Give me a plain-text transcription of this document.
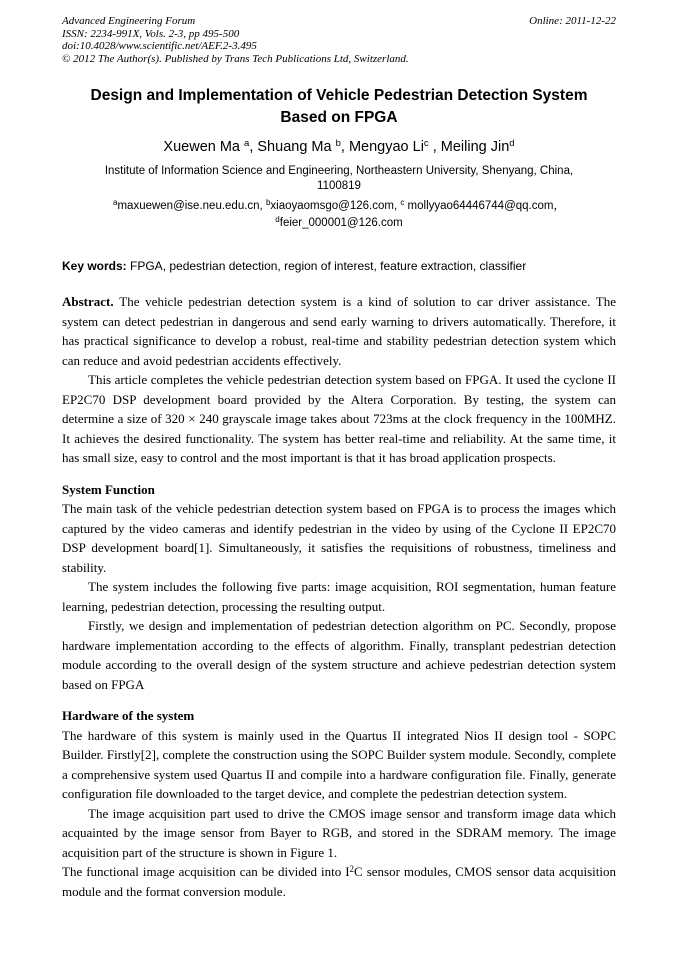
Advanced Engineering Forum
ISSN: 2234-991X, Vols. 2-3, pp 495-500
doi:10.4028/www.scientific.net/AEF.2-3.495
© 2012 The Author(s). Published by Trans Tech Publications Ltd, Switzerland.
Online: 2011-12-22
Design and Implementation of Vehicle Pedestrian Detection System
Based on FPGA
Xuewen Ma $^a$, Shuang Ma $^b$, Mengyao Li$^c$ , Meiling Jin$^d$
Institute of Information Science and Engineering, Northeastern University, Shenyang, China,
1100819
$^a$maxuewen@ise.neu.edu.cn, $^b$xiaoyaomsgo@126.com, $^c$ mollyyao64446744@qq.com，
$^d$feier_000001@126.com
Key words: FPGA, pedestrian detection, region of interest, feature extraction, classifier

Abstract. The vehicle pedestrian detection system is a kind of solution to car driver assistance. The system can detect pedestrian in dangerous and send early warning to drivers automatically. Therefore, it has practical significance to develop a robust, real-time and stability pedestrian detection system which can reduce and avoid pedestrian accidents effectively.

This article completes the vehicle pedestrian detection system based on FPGA. It used the cyclone II EP2C70 DSP development board provided by the Altera Corporation. By testing, the system can determine a size of 320 × 240 grayscale image takes about 723ms at the clock frequency in the 100MHZ. It achieves the desired functionality. The system has better real-time and reliability. At the same time, it has small size, easy to control and the most important is that it has broad application prospects.

System Function

The main task of the vehicle pedestrian detection system based on FPGA is to process the images which captured by the video cameras and identify pedestrian in the video by using of the Cyclone II EP2C70 DSP development board[1]. Simultaneously, it satisfies the requisitions of robustness, timeliness and stability.

The system includes the following five parts: image acquisition, ROI segmentation, human feature learning, pedestrian detection, processing the resulting output.

Firstly, we design and implementation of pedestrian detection algorithm on PC. Secondly, propose hardware implementation according to the effects of algorithm. Finally, transplant pedestrian detection module according to the overall design of the system structure and achieve pedestrian detection system based on FPGA

Hardware of the system

The hardware of this system is mainly used in the Quartus II integrated Nios II design tool - SOPC Builder. Firstly[2], complete the construction using the SOPC Builder system module. Secondly, complete a comprehensive system used Quartus II and compile into a hardware configuration file. Finally, generate configuration file downloaded to the target device, and complete the pedestrian detection system.

The image acquisition part used to drive the CMOS image sensor and transform image data which acquainted by the image sensor from Bayer to RGB, and stored in the SDRAM memory. The image acquisition part of the structure is shown in Figure 1.

The functional image acquisition can be divided into $I^2C$ sensor modules, CMOS sensor data acquisition module and the format conversion module.
